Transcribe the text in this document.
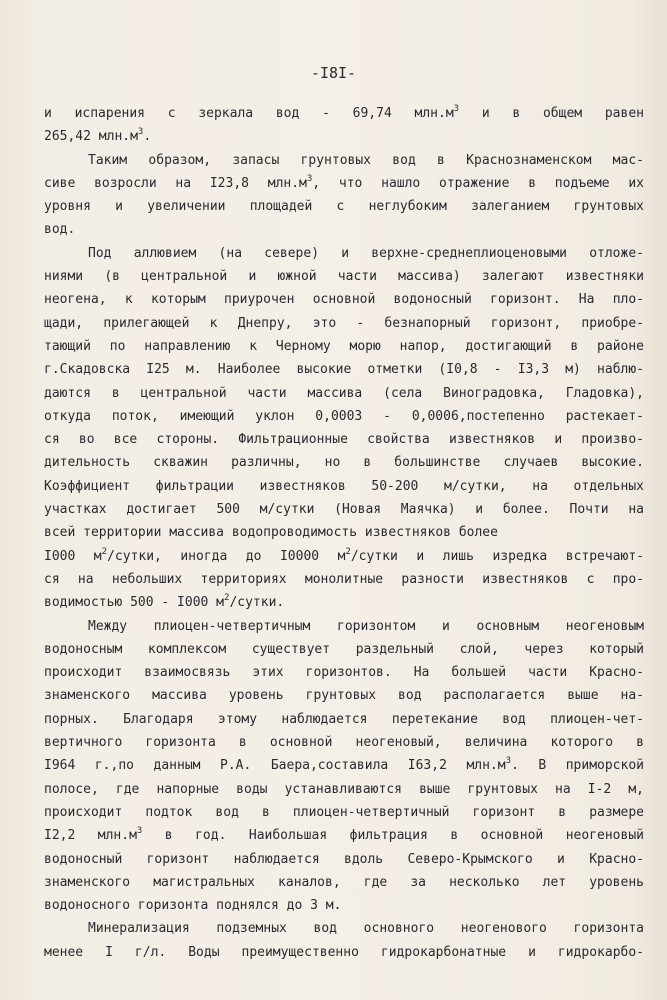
-I8I-
и испарения с зеркала вод - 69,74 $млн.м^3$ и в общем равен
265,42 $млн.м^3$.
Таким образом, запасы грунтовых вод в Краснознаменском мас-
сиве возросли на I23,8 $млн.м^3$, что нашло отражение в подъеме их
уровня и увеличении площадей с неглубоким залеганием грунтовых
вод.
Под аллювием (на севере) и верхне-среднеплиоценовыми отложе-
ниями (в центральной и южной части массива) залегают известняки
неогена, к которым приурочен основной водоносный горизонт. На пло-
щади, прилегающей к Днепру, это - безнапорный горизонт, приобре-
тающий по направлению к Черному морю напор, достигающий в районе
г.Скадовска I25 м. Наиболее высокие отметки (I0,8 - I3,3 м) наблю-
даются в центральной части массива (села Виноградовка, Гладовка),
откуда поток, имеющий уклон 0,0003 - 0,0006,постепенно растекает-
ся во все стороны. Фильтрационные свойства известняков и произво-
дительность скважин различны, но в большинстве случаев высокие.
Коэффициент фильтрации известняков 50-200 м/сутки, на отдельных
участках достигает 500 м/сутки (Новая Маячка) и более. Почти на
всей территории массива водопроводимость известняков более
I000 $м^2$/сутки, иногда до I0000 $м^2$/сутки и лишь изредка встречают-
ся на небольших территориях монолитные разности известняков с про-
водимостью 500 - I000 $м^2$/сутки.
Между плиоцен-четвертичным горизонтом и основным неогеновым
водоносным комплексом существует раздельный слой, через который
происходит взаимосвязь этих горизонтов. На большей части Красно-
знаменского массива уровень грунтовых вод располагается выше на-
порных. Благодаря этому наблюдается перетекание вод плиоцен-чет-
вертичного горизонта в основной неогеновый, величина которого в
I964 г.,по данным Р.А. Баера,составила I63,2 $млн.м^3$. В приморской
полосе, где напорные воды устанавливаются выше грунтовых на I-2 м,
происходит подток вод в плиоцен-четвертичный горизонт в размере
I2,2 $млн.м^3$ в год. Наибольшая фильтрация в основной неогеновый
водоносный горизонт наблюдается вдоль Северо-Крымского и Красно-
знаменского магистральных каналов, где за несколько лет уровень
водоносного горизонта поднялся до 3 м.
Минерализация подземных вод основного неогенового горизонта
менее I г/л. Воды преимущественно гидрокарбонатные и гидрокарбо-
